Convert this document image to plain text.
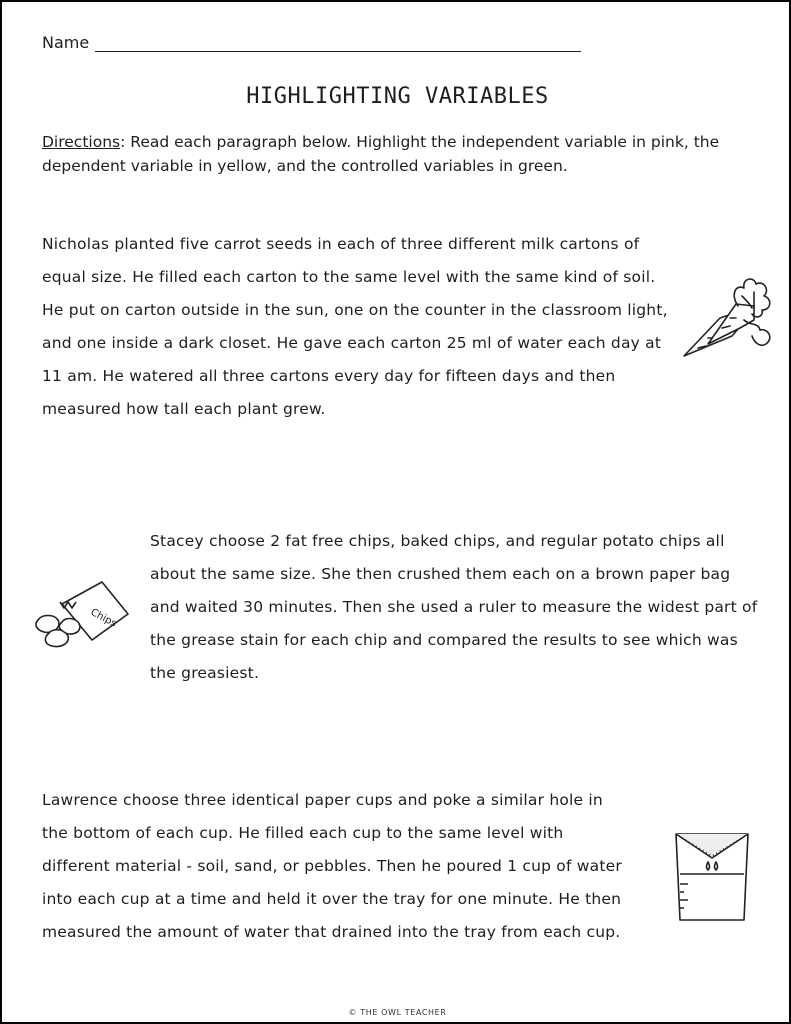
Name
HIGHLIGHTING VARIABLES

Directions: Read each paragraph below. Highlight the independent variable in pink, the dependent variable in yellow, and the controlled variables in green.

Nicholas planted five carrot seeds in each of three different milk cartons of equal size. He filled each carton to the same level with the same kind of soil. He put on carton outside in the sun, one on the counter in the classroom light, and one inside a dark closet. He gave each carton 25 ml of water each day at 11 am. He watered all three cartons every day for fifteen days and then measured how tall each plant grew.

Stacey choose 2 fat free chips, baked chips, and regular potato chips all about the same size. She then crushed them each on a brown paper bag and waited 30 minutes. Then she used a ruler to measure the widest part of the grease stain for each chip and compared the results to see which was the greasiest.

Chips

Lawrence choose three identical paper cups and poke a similar hole in the bottom of each cup. He filled each cup to the same level with different material - soil, sand, or pebbles. Then he poured 1 cup of water into each cup at a time and held it over the tray for one minute. He then measured the amount of water that drained into the tray from each cup.

© THE OWL TEACHER
